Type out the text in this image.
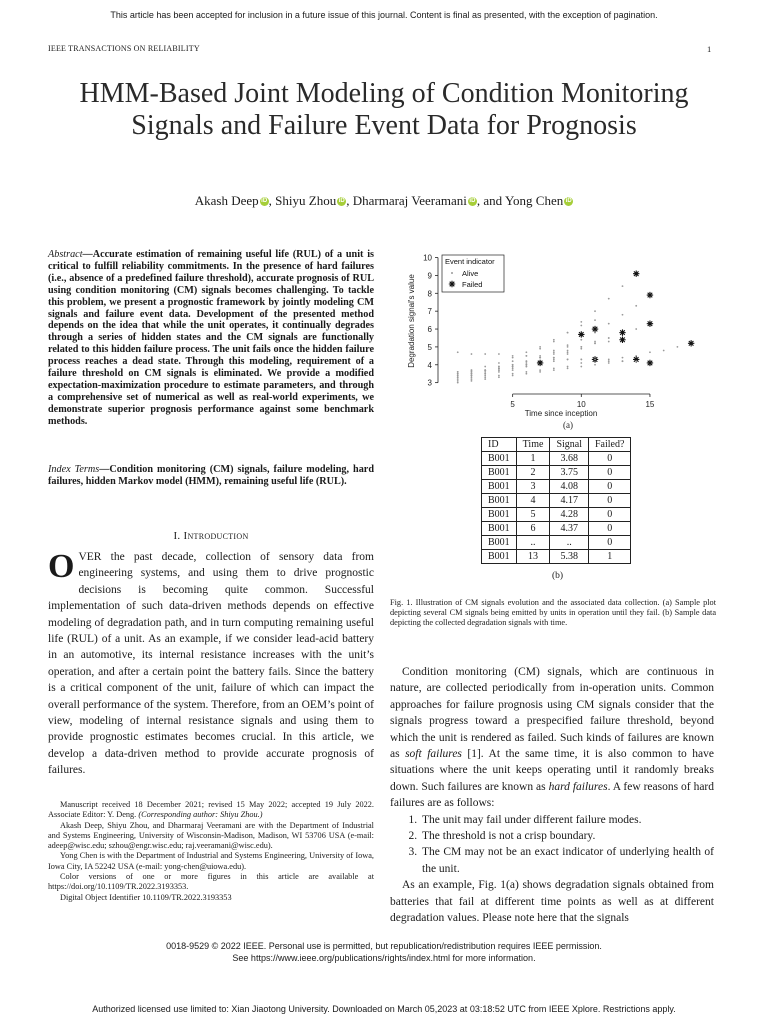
This article has been accepted for inclusion in a future issue of this journal. Content is final as presented, with the exception of pagination.
IEEE TRANSACTIONS ON RELIABILITY	1
HMM-Based Joint Modeling of Condition Monitoring Signals and Failure Event Data for Prognosis
Akash Deep iD , Shiyu Zhou iD , Dharmaraj Veeramani iD , and Yong Chen iD
Abstract—Accurate estimation of remaining useful life (RUL) of a unit is critical to fulfill reliability commitments. In the presence of hard failures (i.e., absence of a predefined failure threshold), accurate prognosis of RUL using condition monitoring (CM) signals becomes challenging. To tackle this problem, we present a prognostic framework by jointly modeling CM signals and failure event data. Development of the presented method depends on the idea that while the unit operates, it continually degrades through a series of hidden states and the CM signals are functionally related to this hidden failure process. The unit fails once the hidden failure process reaches a dead state. Through this modeling, requirement of a failure threshold on CM signals is eliminated. We provide a modified expectation-maximization procedure to estimate parameters, and through a comprehensive set of numerical as well as real-world experiments, we demonstrate superior prognosis performance against some benchmark methods.
Index Terms—Condition monitoring (CM) signals, failure modeling, hard failures, hidden Markov model (HMM), remaining useful life (RUL).
I. Introduction
OVER the past decade, collection of sensory data from engineering systems, and using them to drive prognostic decisions is becoming quite common. Successful implementation of such data-driven methods depends on effective modeling of degradation path, and in turn computing remaining useful life (RUL) of a unit. As an example, if we consider lead-acid battery in an automotive, its internal resistance increases with the unit’s operation, and after a certain point the battery fails. Since the battery is a critical component of the unit, failure of which can impact the overall performance of the system. Therefore, from an OEM’s point of view, modeling of internal resistance signals and using them to provide prognostic estimates becomes crucial. In this article, we develop a data-driven method to provide accurate prognosis of failures.

Manuscript received 18 December 2021; revised 15 May 2022; accepted 19 July 2022. Associate Editor: Y. Deng. (Corresponding author: Shiyu Zhou.)

Akash Deep, Shiyu Zhou, and Dharmaraj Veeramani are with the Department of Industrial and Systems Engineering, University of Wisconsin-Madison, Madison, WI 53706 USA (e-mail: adeep@wisc.edu; szhou@engr.wisc.edu; raj.veeramani@wisc.edu).

Yong Chen is with the Department of Industrial and Systems Engineering, University of Iowa, Iowa City, IA 52242 USA (e-mail: yong-chen@uiowa.edu).

Color versions of one or more figures in this article are available at https://doi.org/10.1109/TR.2022.3193353.

Digital Object Identifier 10.1109/TR.2022.3193353

3
4
5
6
7
8
9
10
5	10	15
Time since inception
Degradation signal's value
(a)
Event indicator
Alive
Failed
ID	Time	Signal	Failed?
B001	1	3.68	0
B001	2	3.75	0
B001	3	4.08	0
B001	4	4.17	0
B001	5	4.28	0
B001	6	4.37	0
B001	..	..	0
B001	13	5.38	1
(b)
Fig. 1. Illustration of CM signals evolution and the associated data collection. (a) Sample plot depicting several CM signals being emitted by units in operation until they fail. (b) Sample data depicting the collected degradation signals with time.

Condition monitoring (CM) signals, which are continuous in nature, are collected periodically from in-operation units. Common approaches for failure prognosis using CM signals consider that the signals progress toward a prespecified failure threshold, beyond which the unit is rendered as failed. Such kinds of failures are known as soft failures [1]. At the same time, it is also common to have situations where the unit keeps operating until it randomly breaks down. Such failures are known as hard failures. A few reasons of hard failures are as follows:

1. The unit may fail under different failure modes.
2. The threshold is not a crisp boundary.
3. The CM may not be an exact indicator of underlying health of the unit.

As an example, Fig. 1(a) shows degradation signals obtained from batteries that fail at different time points as well as at different degradation values. Please note here that the signals

0018-9529 © 2022 IEEE. Personal use is permitted, but republication/redistribution requires IEEE permission.
See https://www.ieee.org/publications/rights/index.html for more information.
Authorized licensed use limited to: Xian Jiaotong University. Downloaded on March 05,2023 at 03:18:52 UTC from IEEE Xplore. Restrictions apply.
